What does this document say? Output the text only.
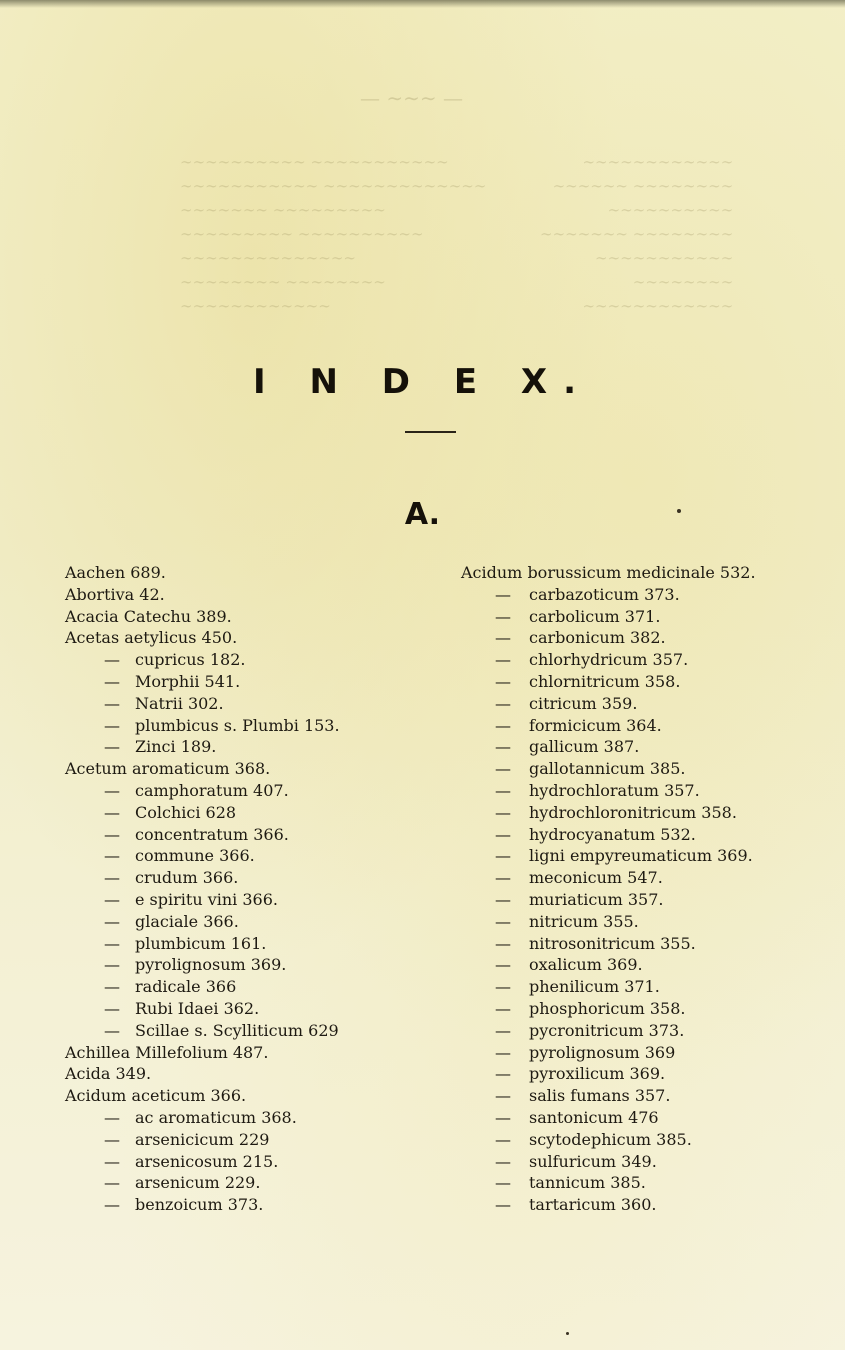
— ∼∼∼ —
∼∼∼∼∼∼∼∼∼∼ ∼∼∼∼∼∼∼∼∼∼∼
∼∼∼∼∼∼∼∼∼∼∼ ∼∼∼∼∼∼∼∼∼∼∼∼∼
∼∼∼∼∼∼∼ ∼∼∼∼∼∼∼∼∼
∼∼∼∼∼∼∼∼∼ ∼∼∼∼∼∼∼∼∼∼
∼∼∼∼∼∼∼∼∼∼∼∼∼∼
∼∼∼∼∼∼∼∼ ∼∼∼∼∼∼∼∼
∼∼∼∼∼∼∼∼∼∼∼∼
∼∼∼∼∼∼∼∼∼∼∼∼
∼∼∼∼∼∼ ∼∼∼∼∼∼∼∼
∼∼∼∼∼∼∼∼∼∼
∼∼∼∼∼∼∼ ∼∼∼∼∼∼∼∼
∼∼∼∼∼∼∼∼∼∼∼
∼∼∼∼∼∼∼∼
∼∼∼∼∼∼∼∼∼∼∼∼
I N D E X.
A.
Aachen 689.
Abortiva 42.
Acacia Catechu 389.
Acetas aetylicus 450.
— cupricus 182.
— Morphii 541.
— Natrii 302.
— plumbicus s. Plumbi 153.
— Zinci 189.
Acetum aromaticum 368.
— camphoratum 407.
— Colchici 628
— concentratum 366.
— commune 366.
— crudum 366.
— e spiritu vini 366.
— glaciale 366.
— plumbicum 161.
— pyrolignosum 369.
— radicale 366
— Rubi Idaei 362.
— Scillae s. Scylliticum 629
Achillea Millefolium 487.
Acida 349.
Acidum aceticum 366.
— ac aromaticum 368.
— arsenicicum 229
— arsenicosum 215.
— arsenicum 229.
— benzoicum 373.
Acidum borussicum medicinale 532.
— carbazoticum 373.
— carbolicum 371.
— carbonicum 382.
— chlorhydricum 357.
— chlornitricum 358.
— citricum 359.
— formicicum 364.
— gallicum 387.
— gallotannicum 385.
— hydrochloratum 357.
— hydrochloronitricum 358.
— hydrocyanatum 532.
— ligni empyreumaticum 369.
— meconicum 547.
— muriaticum 357.
— nitricum 355.
— nitrosonitricum 355.
— oxalicum 369.
— phenilicum 371.
— phosphoricum 358.
— pycronitricum 373.
— pyrolignosum 369
— pyroxilicum 369.
— salis fumans 357.
— santonicum 476
— scytodephicum 385.
— sulfuricum 349.
— tannicum 385.
— tartaricum 360.
